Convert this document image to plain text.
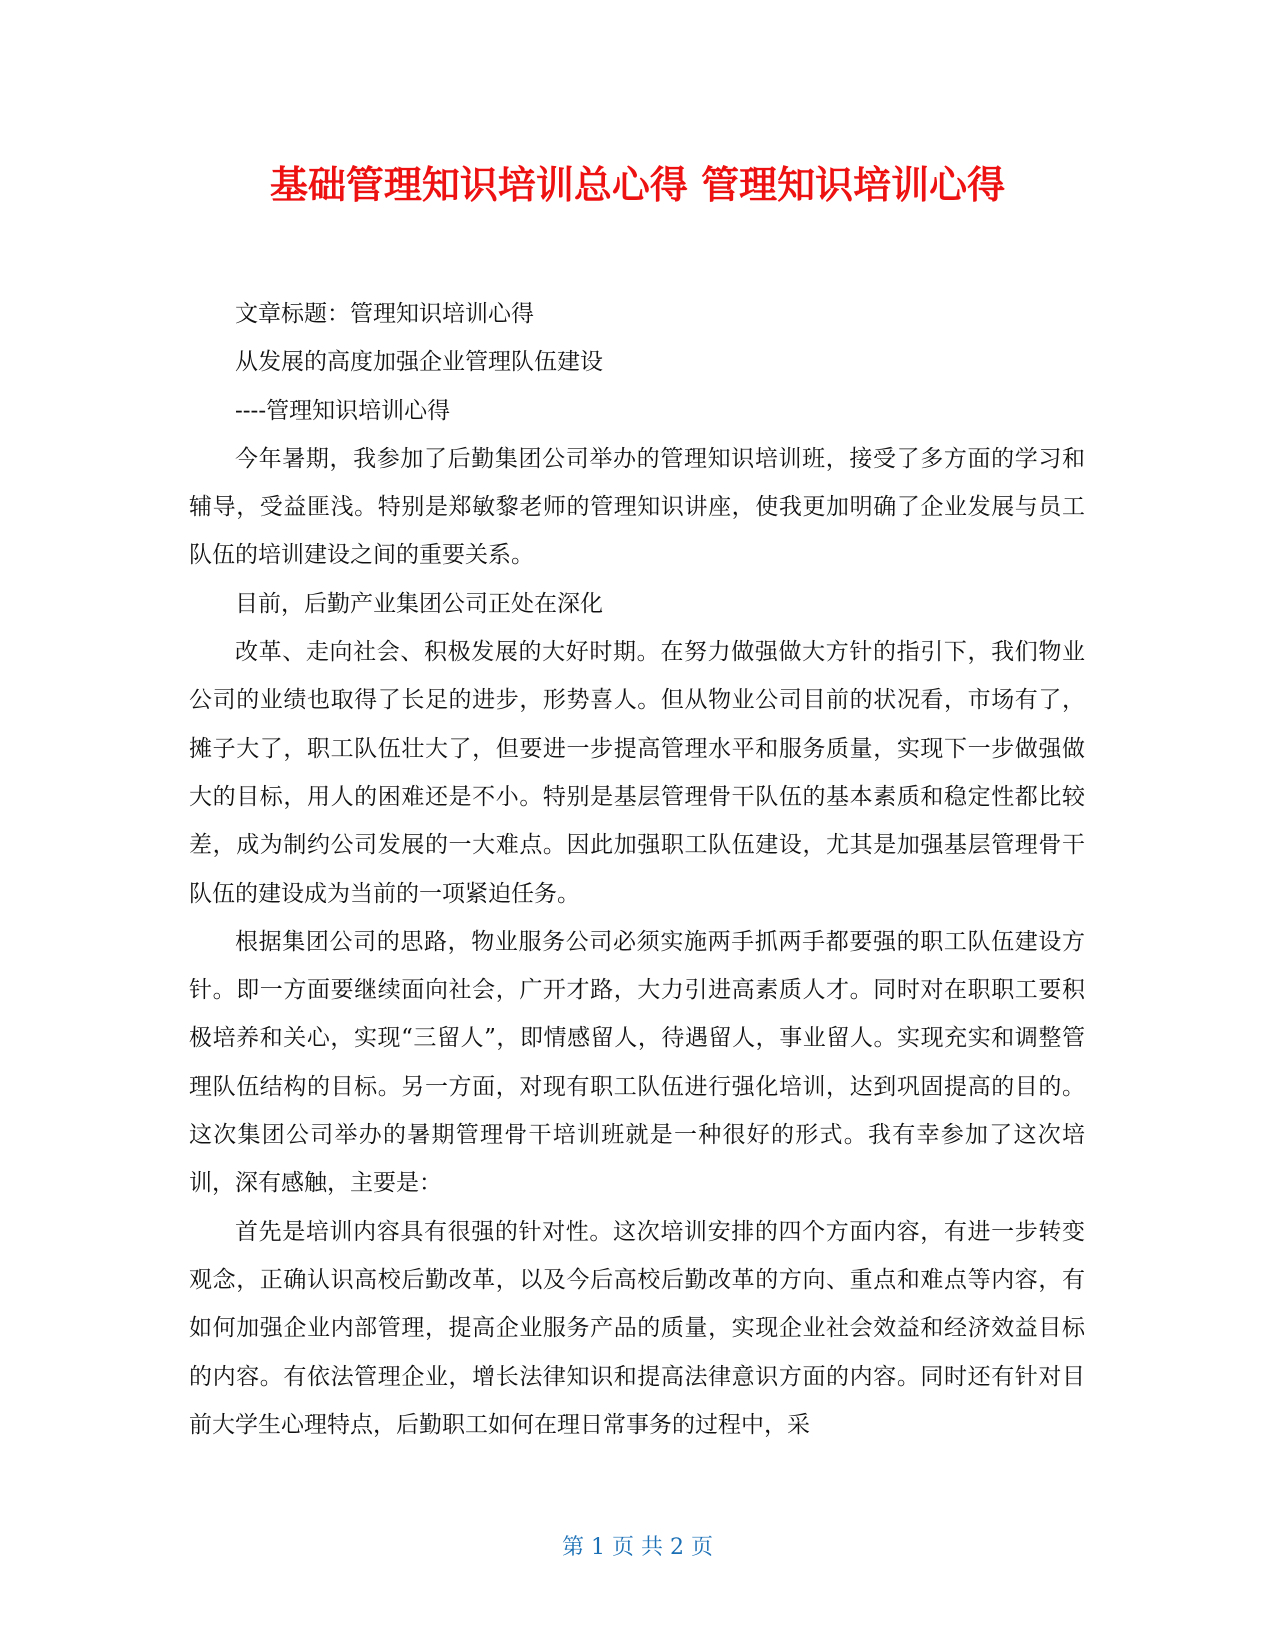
基础管理知识培训总心得 管理知识培训心得

文章标题：管理知识培训心得

从发展的高度加强企业管理队伍建设

----管理知识培训心得

今年暑期，我参加了后勤集团公司举办的管理知识培训班，接受了多方面的学习和辅导，受益匪浅。特别是郑敏黎老师的管理知识讲座，使我更加明确了企业发展与员工队伍的培训建设之间的重要关系。

目前，后勤产业集团公司正处在深化

改革、走向社会、积极发展的大好时期。在努力做强做大方针的指引下，我们物业公司的业绩也取得了长足的进步，形势喜人。但从物业公司目前的状况看，市场有了，摊子大了，职工队伍壮大了，但要进一步提高管理水平和服务质量，实现下一步做强做大的目标，用人的困难还是不小。特别是基层管理骨干队伍的基本素质和稳定性都比较差，成为制约公司发展的一大难点。因此加强职工队伍建设，尤其是加强基层管理骨干队伍的建设成为当前的一项紧迫任务。

根据集团公司的思路，物业服务公司必须实施两手抓两手都要强的职工队伍建设方针。即一方面要继续面向社会，广开才路，大力引进高素质人才。同时对在职职工要积极培养和关心，实现“三留人”，即情感留人，待遇留人，事业留人。实现充实和调整管理队伍结构的目标。另一方面，对现有职工队伍进行强化培训，达到巩固提高的目的。这次集团公司举办的暑期管理骨干培训班就是一种很好的形式。我有幸参加了这次培训，深有感触，主要是：

首先是培训内容具有很强的针对性。这次培训安排的四个方面内容，有进一步转变观念，正确认识高校后勤改革，以及今后高校后勤改革的方向、重点和难点等内容，有如何加强企业内部管理，提高企业服务产品的质量，实现企业社会效益和经济效益目标的内容。有依法管理企业，增长法律知识和提高法律意识方面的内容。同时还有针对目前大学生心理特点，后勤职工如何在理日常事务的过程中，采

第 1 页 共 2 页
